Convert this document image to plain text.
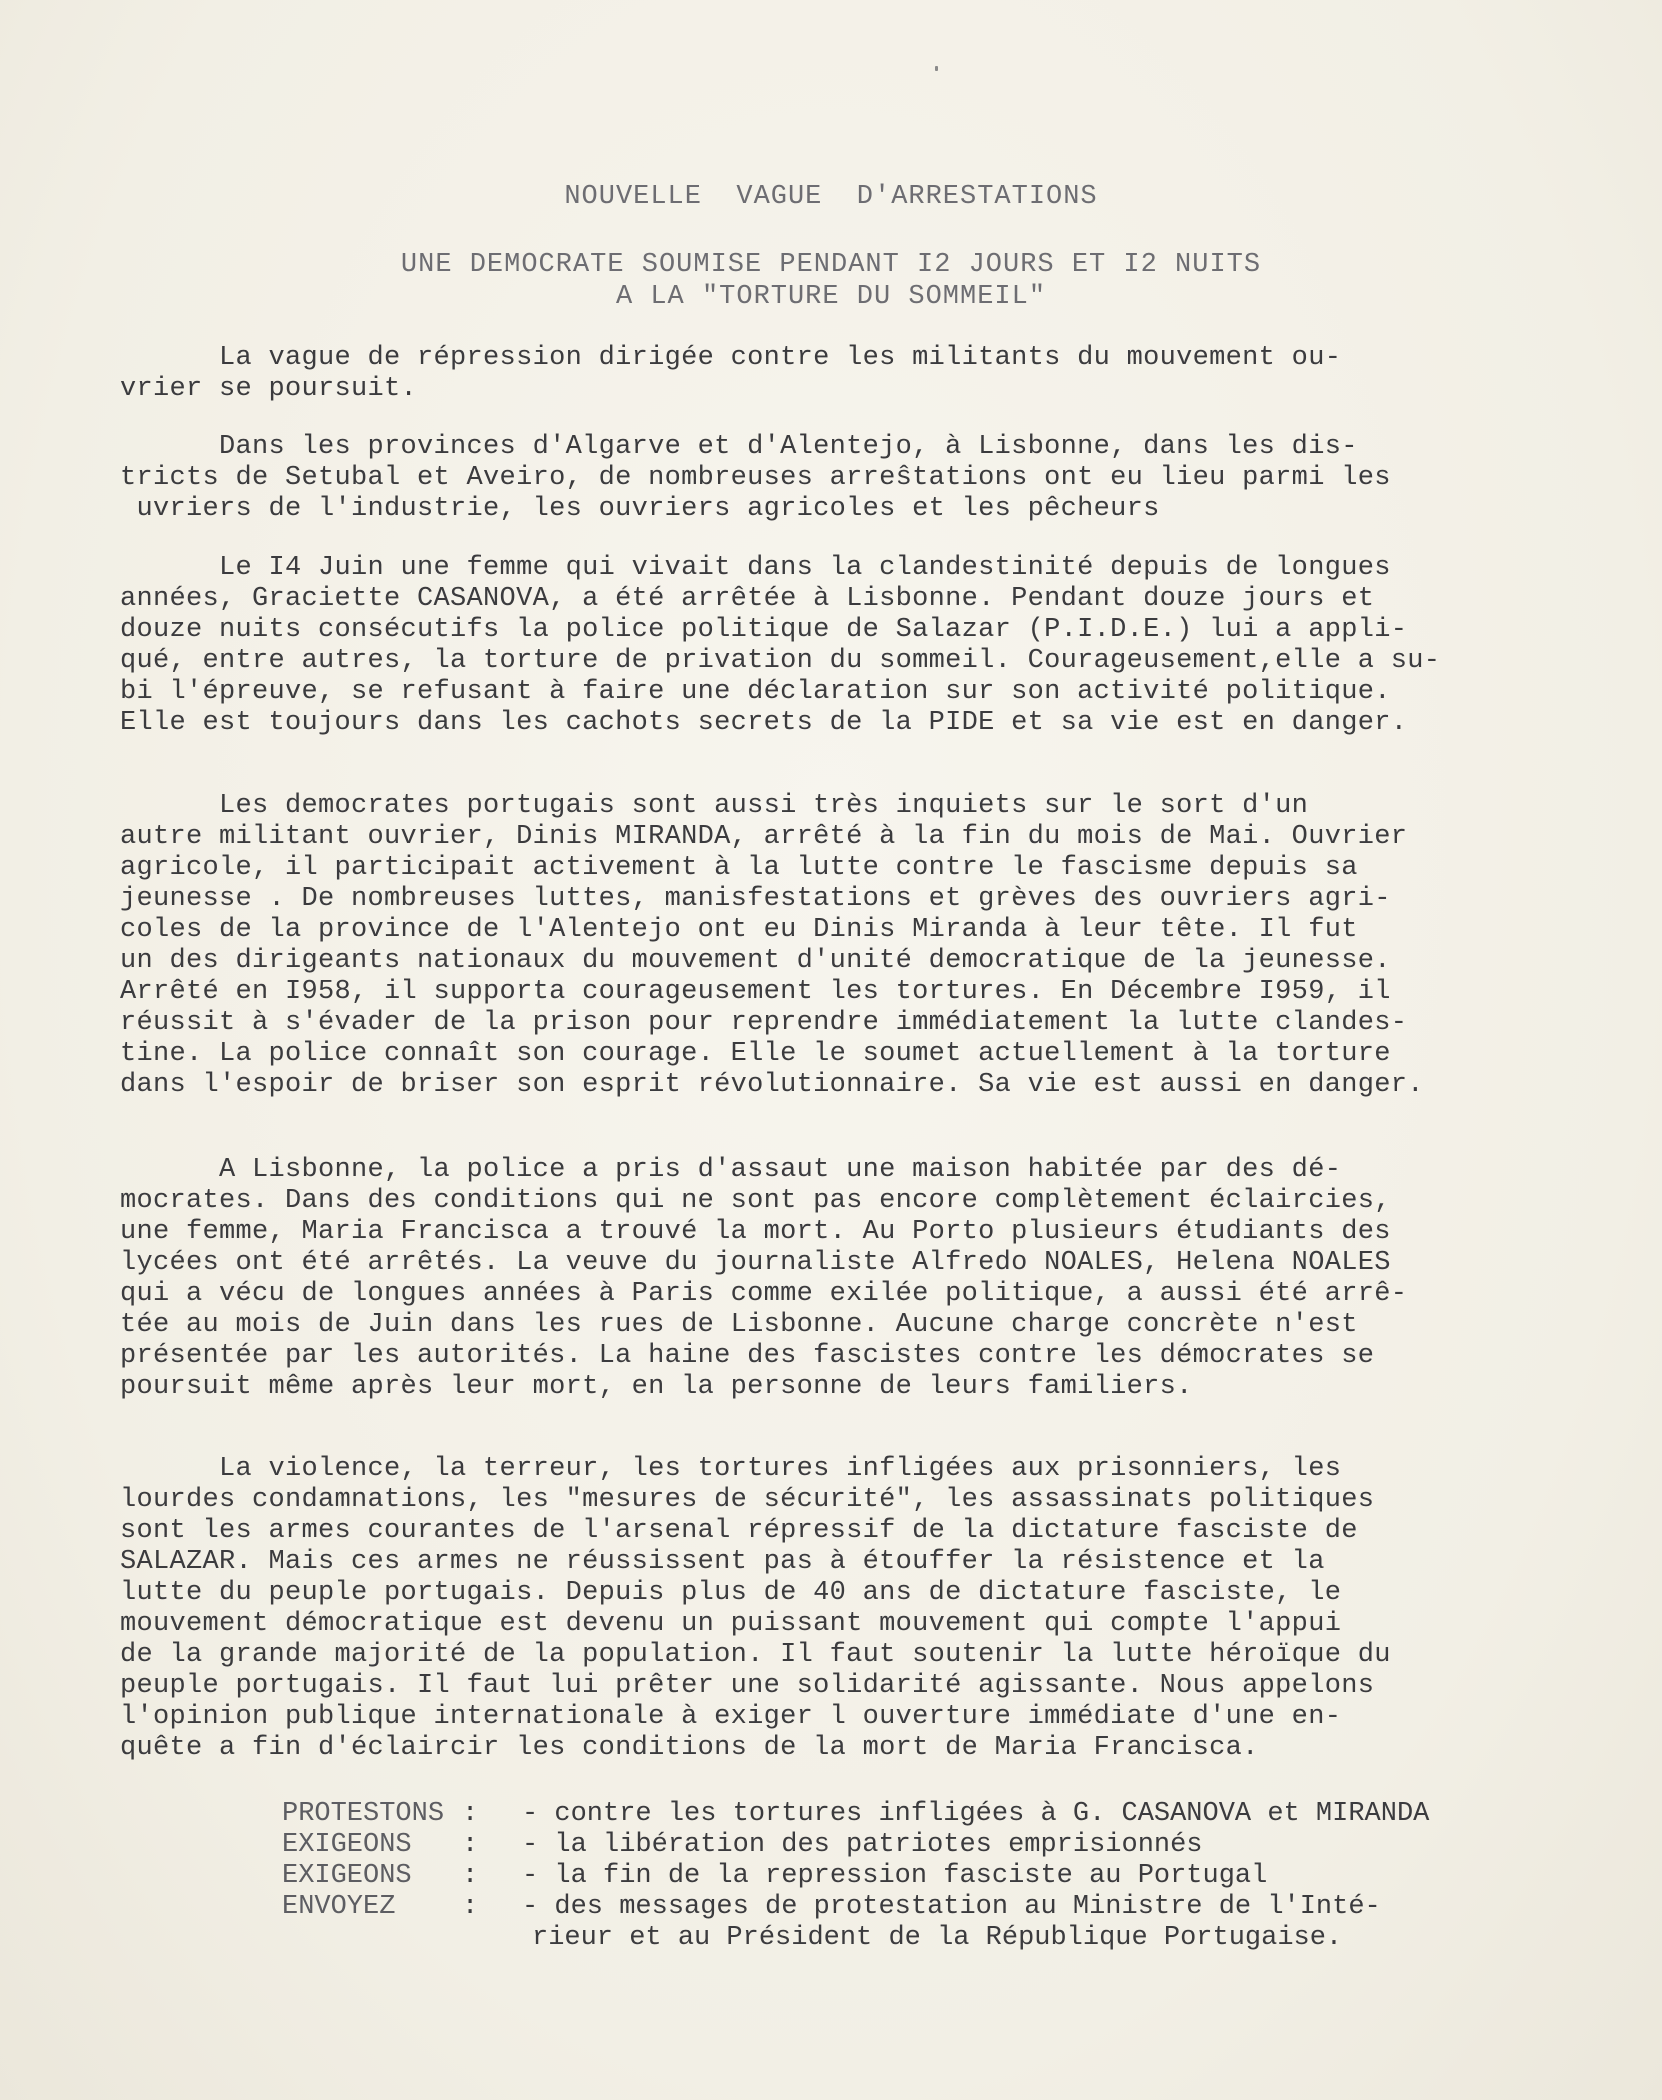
NOUVELLE  VAGUE  D'ARRESTATIONS
UNE DEMOCRATE SOUMISE PENDANT I2 JOURS ET I2 NUITS
A LA "TORTURE DU SOMMEIL"
La vague de répression dirigée contre les militants du mouvement ou-
vrier se poursuit.
Dans les provinces d'Algarve et d'Alentejo, à Lisbonne, dans les dis-
tricts de Setubal et Aveiro, de nombreuses arreŝtations ont eu lieu parmi les
uvriers de l'industrie, les ouvriers agricoles et les pêcheurs
Le I4 Juin une femme qui vivait dans la clandestinité depuis de longues
années, Graciette CASANOVA, a été arrêtée à Lisbonne. Pendant douze jours et
douze nuits consécutifs la police politique de Salazar (P.I.D.E.) lui a appli-
qué, entre autres, la torture de privation du sommeil. Courageusement,elle a su-
bi l'épreuve, se refusant à faire une déclaration sur son activité politique.
Elle est toujours dans les cachots secrets de la PIDE et sa vie est en danger.
Les democrates portugais sont aussi très inquiets sur le sort d'un
autre militant ouvrier, Dinis MIRANDA, arrêté à la fin du mois de Mai. Ouvrier
agricole, il participait activement à la lutte contre le fascisme depuis sa
jeunesse . De nombreuses luttes, manisfestations et grèves des ouvriers agri-
coles de la province de l'Alentejo ont eu Dinis Miranda à leur tête. Il fut
un des dirigeants nationaux du mouvement d'unité democratique de la jeunesse.
Arrêté en I958, il supporta courageusement les tortures. En Décembre I959, il
réussit à s'évader de la prison pour reprendre immédiatement la lutte clandes-
tine. La police connaît son courage. Elle le soumet actuellement à la torture
dans l'espoir de briser son esprit révolutionnaire. Sa vie est aussi en danger.
A Lisbonne, la police a pris d'assaut une maison habitée par des dé-
mocrates. Dans des conditions qui ne sont pas encore complètement éclaircies,
une femme, Maria Francisca a trouvé la mort. Au Porto plusieurs étudiants des
lycées ont été arrêtés. La veuve du journaliste Alfredo NOALES, Helena NOALES
qui a vécu de longues années à Paris comme exilée politique, a aussi été arrê-
tée au mois de Juin dans les rues de Lisbonne. Aucune charge concrète n'est
présentée par les autorités. La haine des fascistes contre les démocrates se
poursuit même après leur mort, en la personne de leurs familiers.
La violence, la terreur, les tortures infligées aux prisonniers, les
lourdes condamnations, les "mesures de sécurité", les assassinats politiques
sont les armes courantes de l'arsenal répressif de la dictature fasciste de
SALAZAR. Mais ces armes ne réussissent pas à étouffer la résistence et la
lutte du peuple portugais. Depuis plus de 40 ans de dictature fasciste, le
mouvement démocratique est devenu un puissant mouvement qui compte l'appui
de la grande majorité de la population. Il faut soutenir la lutte héroïque du
peuple portugais. Il faut lui prêter une solidarité agissante. Nous appelons
l'opinion publique internationale à exiger l ouverture immédiate d'une en-
quête a fin d'éclaircir les conditions de la mort de Maria Francisca.
PROTESTONS :	- contre les tortures infligées à G. CASANOVA et MIRANDA
EXIGEONS	:	- la libération des patriotes emprisionnés
EXIGEONS	:	- la fin de la repression fasciste au Portugal
ENVOYEZ	:	- des messages de protestation au Ministre de l'Inté-
rieur et au Président de la République Portugaise.
